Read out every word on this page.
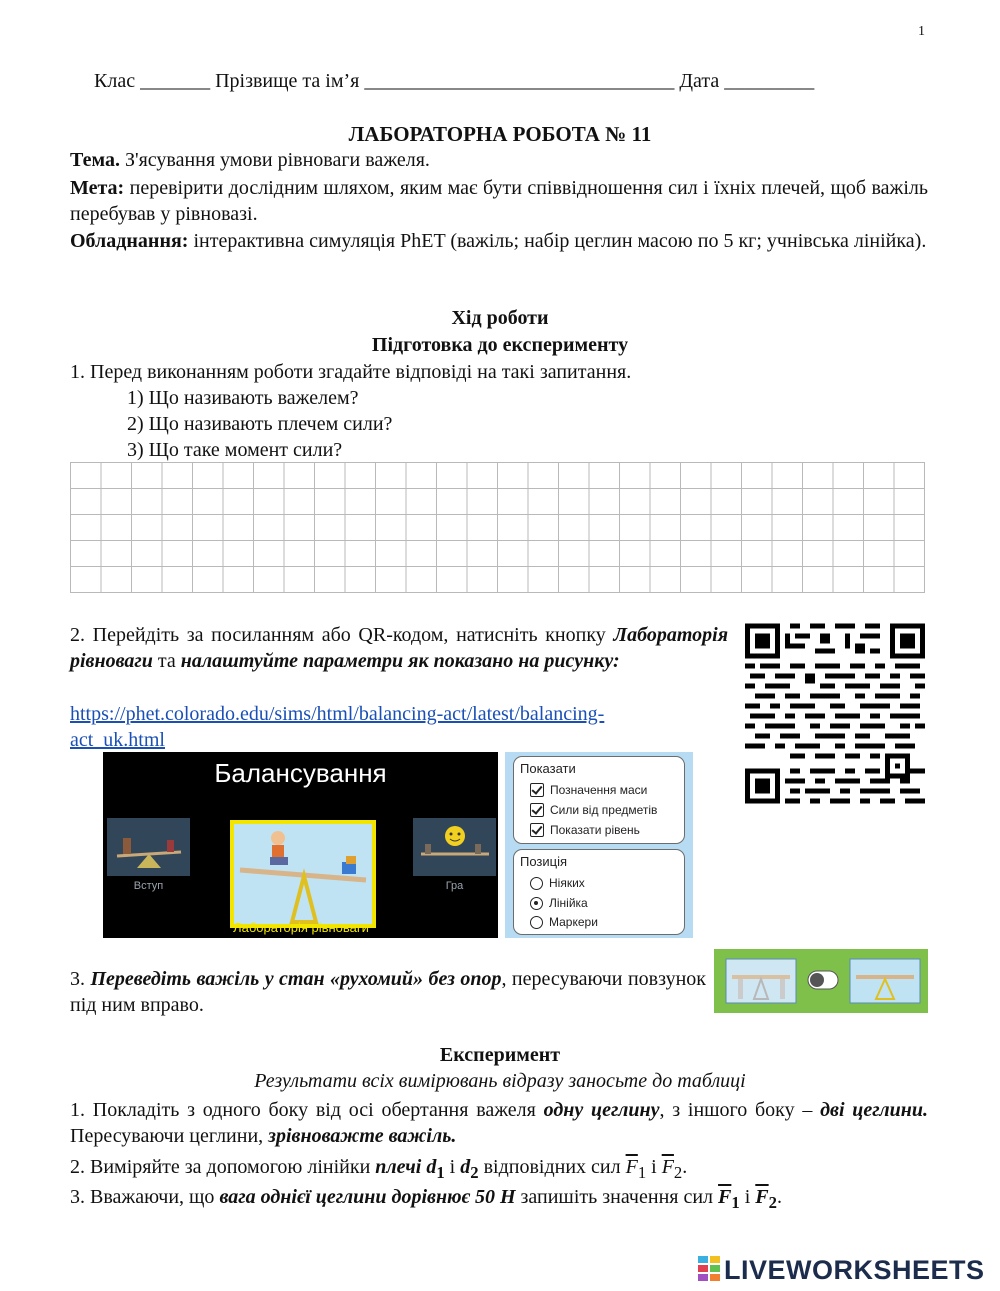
1
Клас _______ Прізвище та ім’я _______________________________ Дата _________
ЛАБОРАТОРНА РОБОТА № 11
Тема. З'ясування умови рівноваги важеля.
Мета: перевірити дослідним шляхом, яким має бути співвідношення сил і їхніх плечей, щоб важіль перебував у рівновазі.
Обладнання: інтерактивна симуляція PhET (важіль; набір цеглин масою по 5 кг; учнівська лінійка).
Хід роботи
Підготовка до експерименту
1. Перед виконанням роботи згадайте відповіді на такі запитання.
1) Що називають важелем?
2) Що називають плечем сили?
3) Що таке момент сили?
2. Перейдіть за посиланням або QR-кодом, натисніть кнопку Лабораторія рівноваги та налаштуйте параметри як показано на рисунку:
https://phet.colorado.edu/sims/html/balancing-act/latest/balancing-
act_uk.html
Балансування
Вступ
Лабораторія рівноваги
Гра
Показати
Позначення маси
Сили від предметів
Показати рівень
Позиція
Ніяких
Лінійка
Маркери
3. Переведіть важіль у стан «рухомий» без опор, пересуваючи повзунок під ним вправо.
Експеримент
Результати всіх вимірювань відразу заносьте до таблиці
1. Покладіть з одного боку від осі обертання важеля одну цеглину, з іншого боку – дві цеглини. Пересуваючи цеглини, зрівноважте важіль.
2. Виміряйте за допомогою лінійки плечі $d_1$ і $d_2$ відповідних сил $\overline{F}_1$ і $\overline{F}_2$.
3. Вважаючи, що вага однієї цеглини дорівнює 50 Н запишіть значення сил $\overline{F}_1$ і $\overline{F}_2$.
LIVEWORKSHEETS
